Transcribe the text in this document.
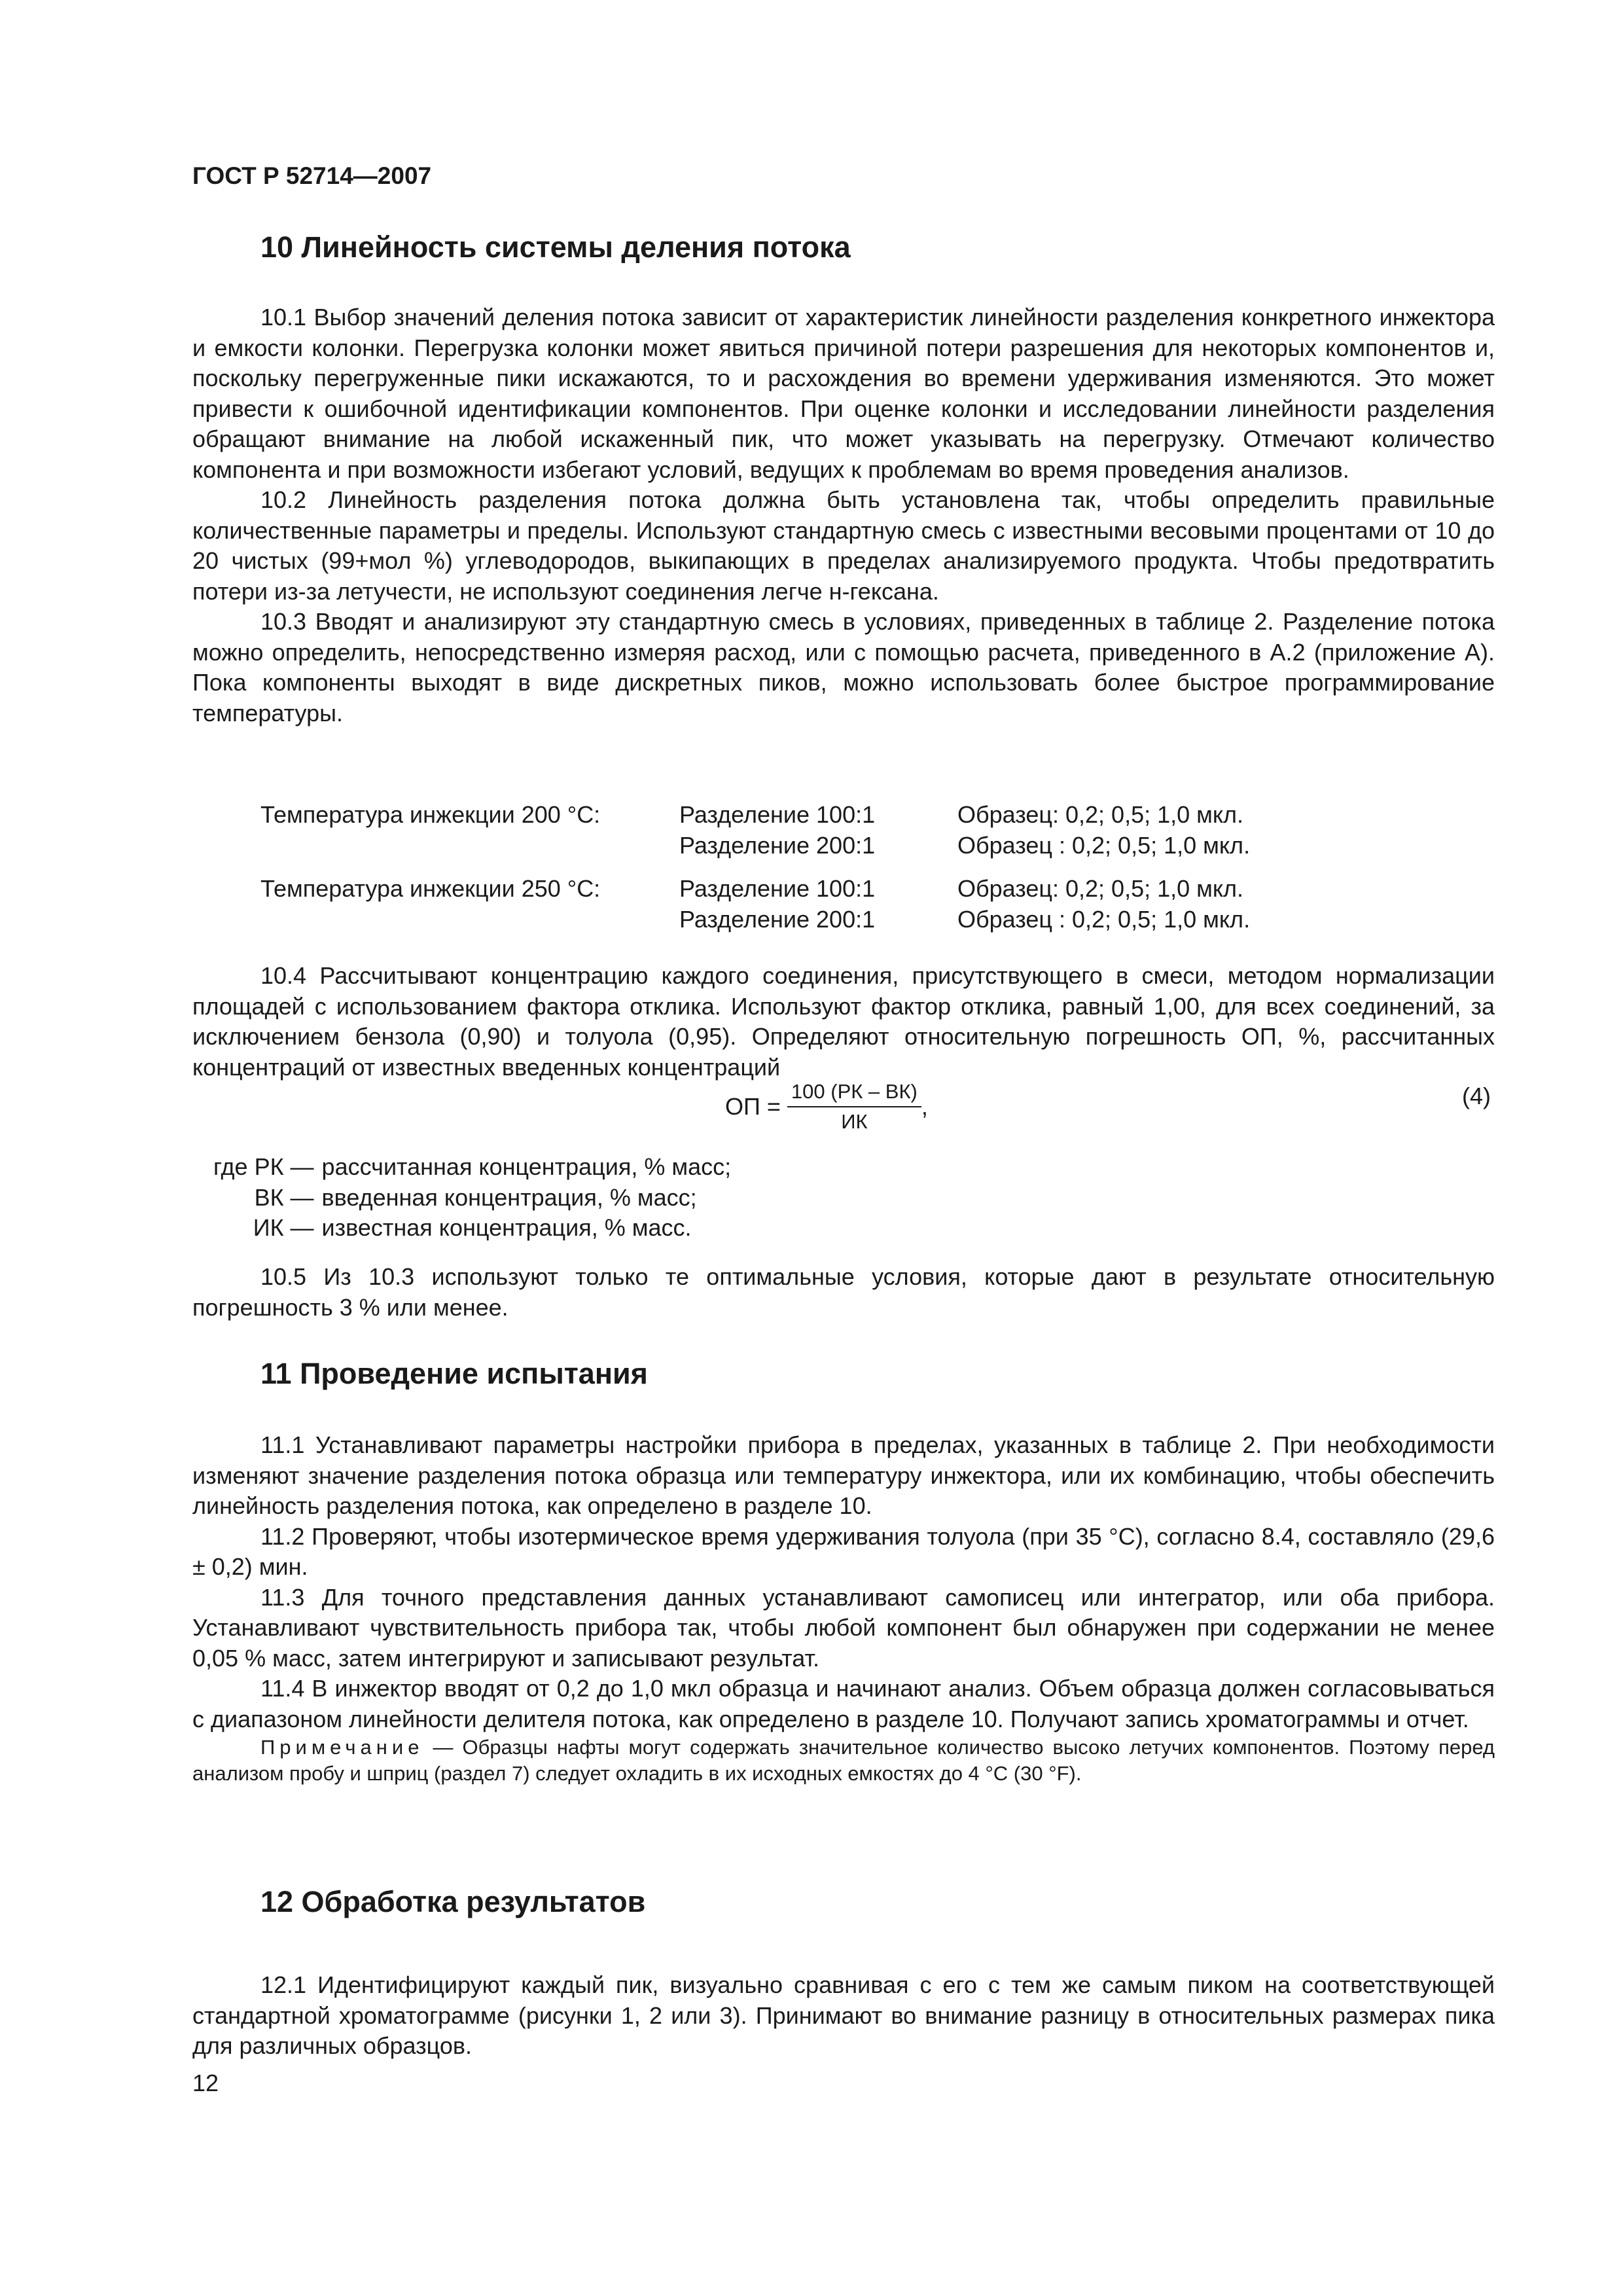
ГОСТ Р 52714—2007
10 Линейность системы деления потока

10.1 Выбор значений деления потока зависит от характеристик линейности разделения конкретного инжектора и емкости колонки. Перегрузка колонки может явиться причиной потери разрешения для некоторых компонентов и, поскольку перегруженные пики искажаются, то и расхождения во времени удерживания изменяются. Это может привести к ошибочной идентификации компонентов. При оценке колонки и исследовании линейности разделения обращают внимание на любой искаженный пик, что может указывать на перегрузку. Отмечают количество компонента и при возможности избегают условий, ведущих к проблемам во время проведения анализов.

10.2 Линейность разделения потока должна быть установлена так, чтобы определить правильные количественные параметры и пределы. Используют стандартную смесь с известными весовыми процентами от 10 до 20 чистых (99+мол %) углеводородов, выкипающих в пределах анализируемого продукта. Чтобы предотвратить потери из-за летучести, не используют соединения легче н-гексана.

10.3 Вводят и анализируют эту стандартную смесь в условиях, приведенных в таблице 2. Разделение потока можно определить, непосредственно измеряя расход, или с помощью расчета, приведенного в А.2 (приложение А). Пока компоненты выходят в виде дискретных пиков, можно использовать более быстрое программирование температуры.

Температура инжекции 200 °С:	Разделение 100:1	Образец: 0,2; 0,5; 1,0 мкл.
	Разделение 200:1	Образец : 0,2; 0,5; 1,0 мкл.
Температура инжекции 250 °С:	Разделение 100:1	Образец: 0,2; 0,5; 1,0 мкл.
	Разделение 200:1	Образец : 0,2; 0,5; 1,0 мкл.

10.4 Рассчитывают концентрацию каждого соединения, присутствующего в смеси, методом нормализации площадей с использованием фактора отклика. Используют фактор отклика, равный 1,00, для всех соединений, за исключением бензола (0,90) и толуола (0,95). Определяют относительную погрешность ОП, %, рассчитанных концентраций от известных введенных концентраций

ОП = $\frac{100 (РК - ВК)}{ИК}$ ,	(4)
где РК —	рассчитанная концентрация, % масс;
ВК —	введенная концентрация, % масс;
ИК —	известная концентрация, % масс.

10.5 Из 10.3 используют только те оптимальные условия, которые дают в результате относительную погрешность 3 % или менее.

11 Проведение испытания

11.1 Устанавливают параметры настройки прибора в пределах, указанных в таблице 2. При необходимости изменяют значение разделения потока образца или температуру инжектора, или их комбинацию, чтобы обеспечить линейность разделения потока, как определено в разделе 10.

11.2 Проверяют, чтобы изотермическое время удерживания толуола (при 35 °С), согласно 8.4, составляло (29,6 ± 0,2) мин.

11.3 Для точного представления данных устанавливают самописец или интегратор, или оба прибора. Устанавливают чувствительность прибора так, чтобы любой компонент был обнаружен при содержании не менее 0,05 % масс, затем интегрируют и записывают результат.

11.4 В инжектор вводят от 0,2 до 1,0 мкл образца и начинают анализ. Объем образца должен согласовываться с диапазоном линейности делителя потока, как определено в разделе 10. Получают запись хроматограммы и отчет.

Примечание — Образцы нафты могут содержать значительное количество высоко летучих компонентов. Поэтому перед анализом пробу и шприц (раздел 7) следует охладить в их исходных емкостях до 4 °С (30 °F).

12 Обработка результатов

12.1 Идентифицируют каждый пик, визуально сравнивая с его с тем же самым пиком на соответствующей стандартной хроматограмме (рисунки 1, 2 или 3). Принимают во внимание разницу в относительных размерах пика для различных образцов.

12
